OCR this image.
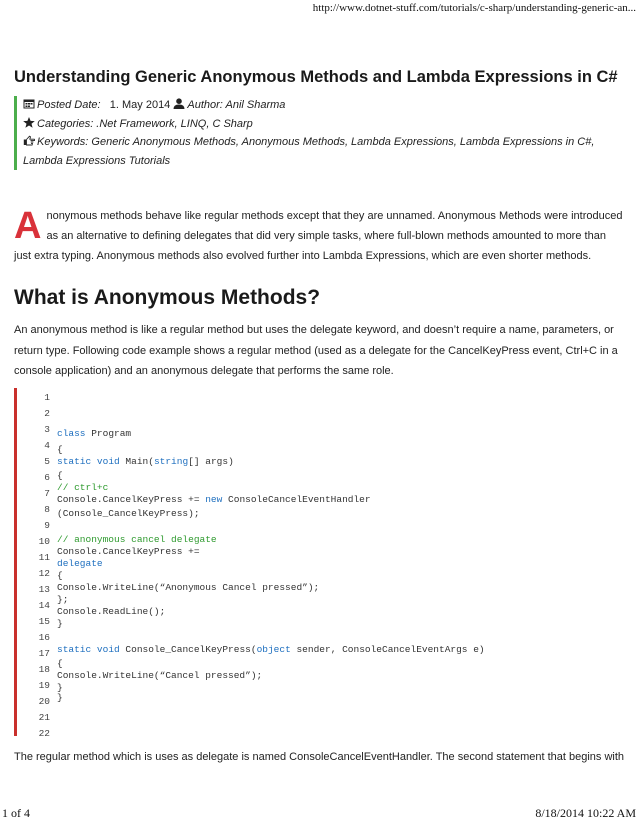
http://www.dotnet-stuff.com/tutorials/c-sharp/understanding-generic-an...
Understanding Generic Anonymous Methods and Lambda Expressions in C#
Posted Date: 1. May 2014 Author: Anil Sharma
Categories: .Net Framework, LINQ, C Sharp
Keywords: Generic Anonymous Methods, Anonymous Methods, Lambda Expressions, Lambda Expressions in C#, Lambda Expressions Tutorials
Anonymous methods behave like regular methods except that they are unnamed. Anonymous Methods were introduced as an alternative to defining delegates that did very simple tasks, where full-blown methods amounted to more than just extra typing. Anonymous methods also evolved further into Lambda Expressions, which are even shorter methods.
What is Anonymous Methods?
An anonymous method is like a regular method but uses the delegate keyword, and doesn’t require a name, parameters, or return type. Following code example shows a regular method (used as a delegate for the CancelKeyPress event, Ctrl+C in a console application) and an anonymous delegate that performs the same role.
1
2
3
4
5
6
7
8
9
10
11
12
13
14
15
16
17
18
19
20
21
22
class Program
{
static void Main(string[] args)
{
// ctrl+c
Console.CancelKeyPress += new ConsoleCancelEventHandler
(Console_CancelKeyPress);
// anonymous cancel delegate
Console.CancelKeyPress +=
delegate
{
Console.WriteLine(“Anonymous Cancel pressed”);
};
Console.ReadLine();
}
static void Console_CancelKeyPress(object sender, ConsoleCancelEventArgs e)
{
Console.WriteLine(“Cancel pressed”);
}
}
The regular method which is uses as delegate is named ConsoleCancelEventHandler. The second statement that begins with
1 of 4	8/18/2014 10:22 AM
